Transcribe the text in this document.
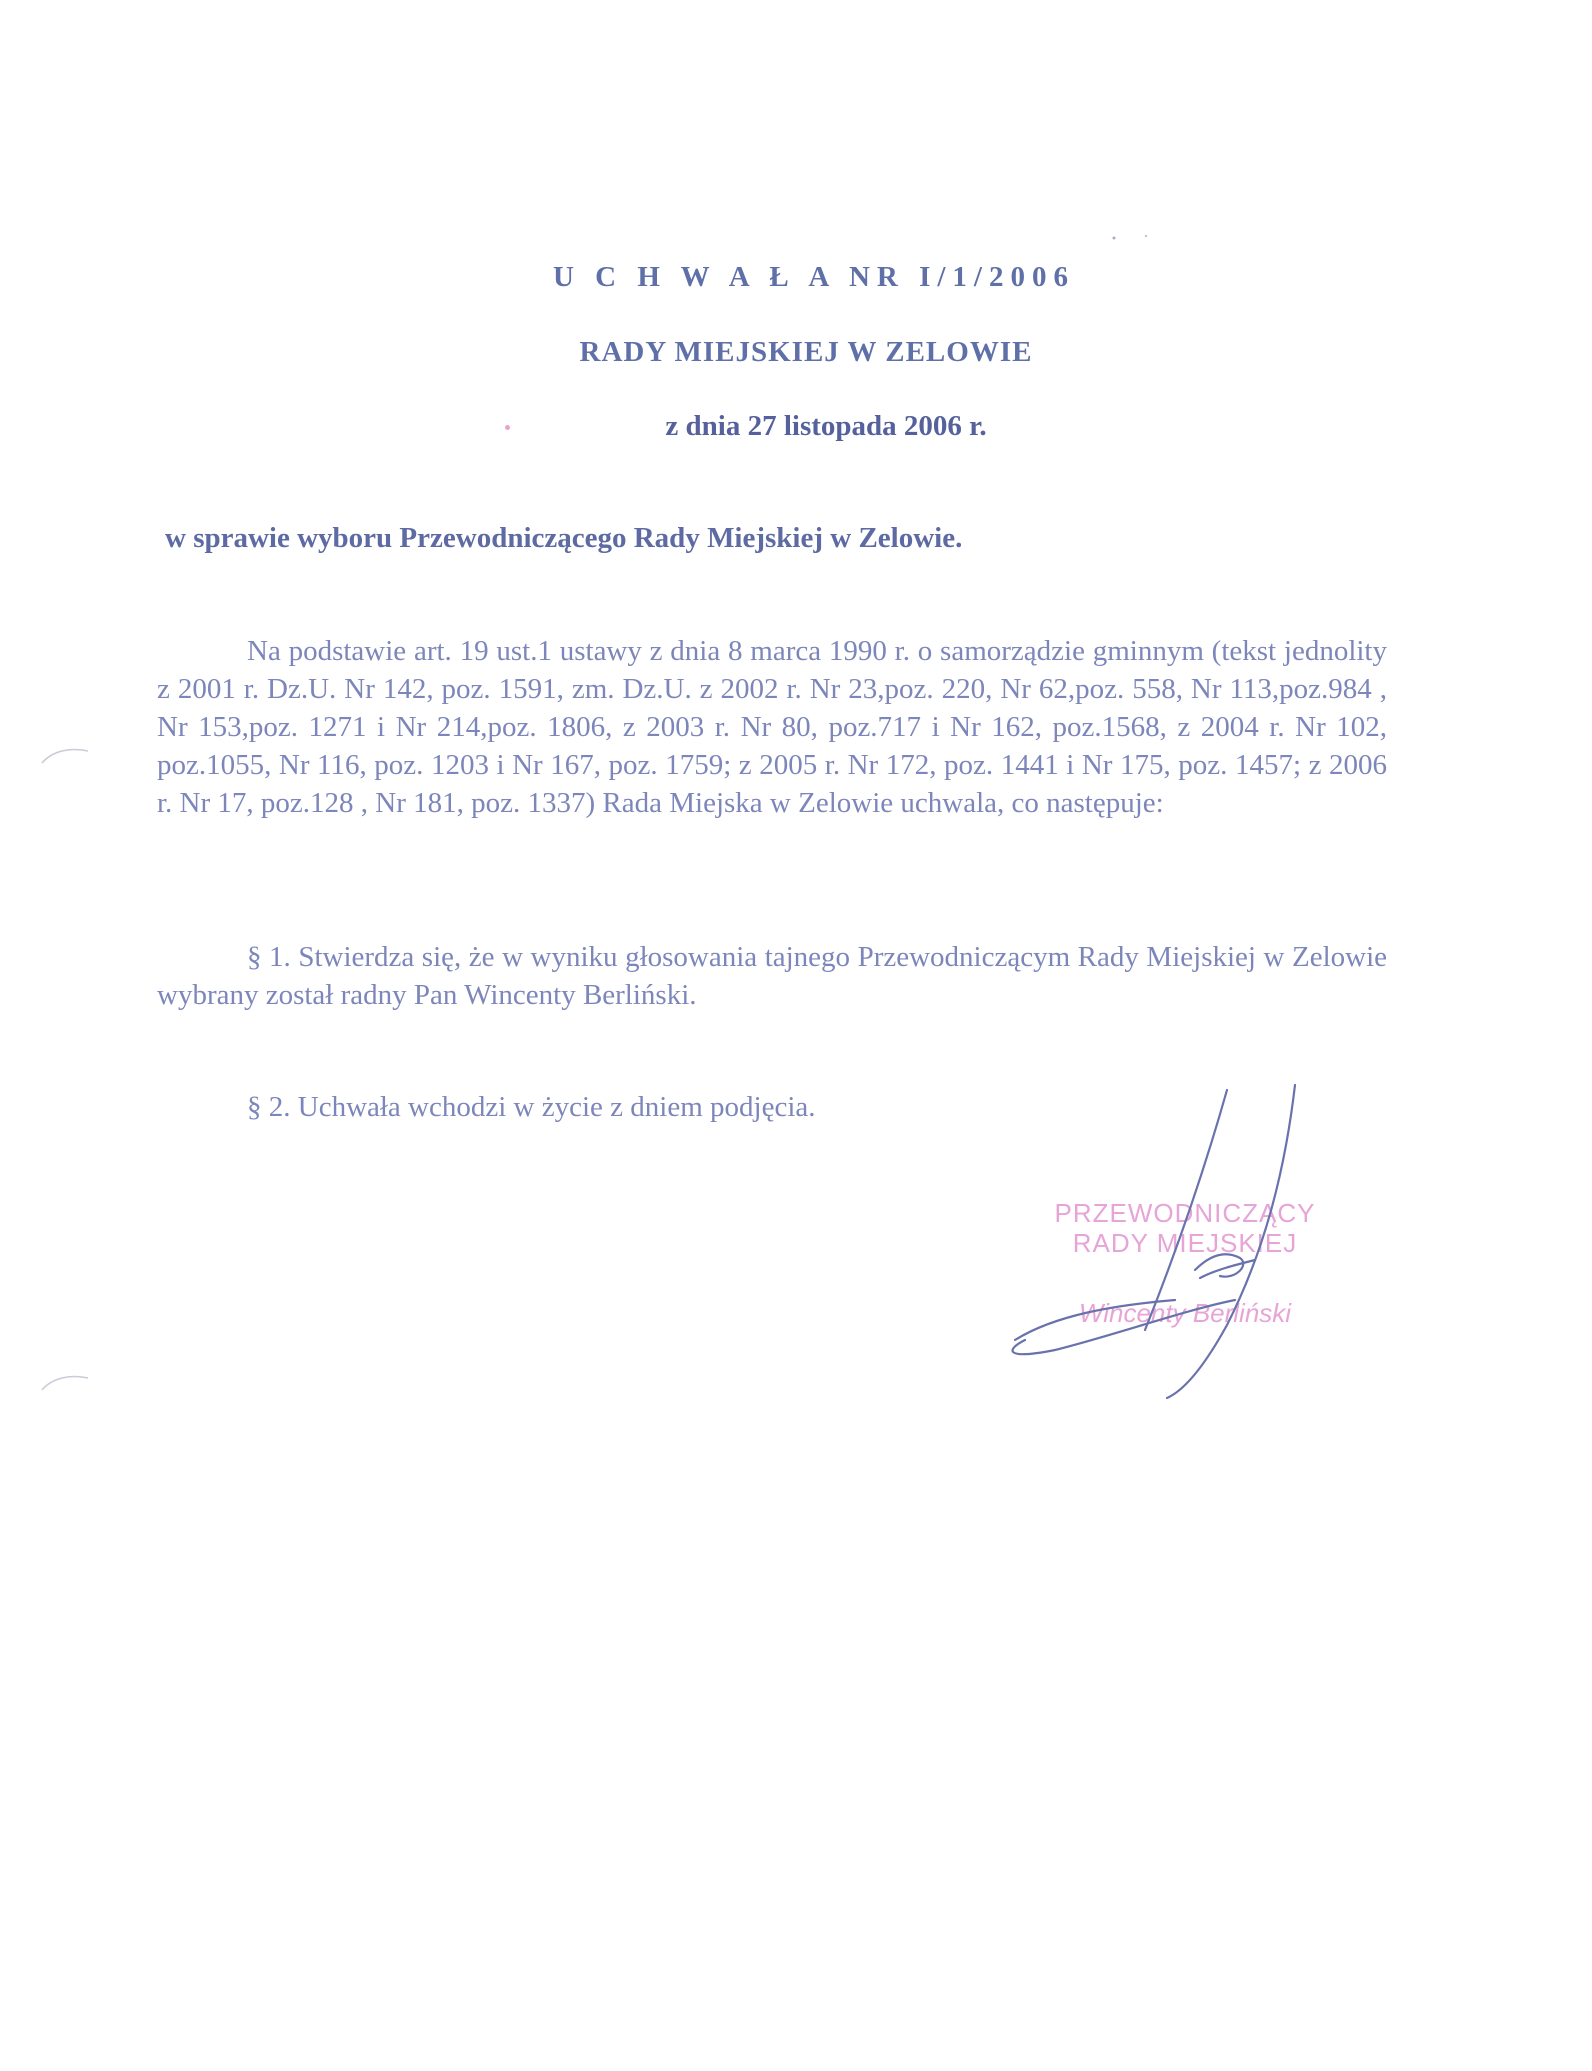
U C H W A Ł A NR I/1/2006
RADY MIEJSKIEJ W ZELOWIE
z dnia 27 listopada 2006 r.
w sprawie wyboru Przewodniczącego Rady Miejskiej w Zelowie.
Na podstawie art. 19 ust.1 ustawy z dnia 8 marca 1990 r. o samorządzie gminnym (tekst jednolity z 2001 r. Dz.U. Nr 142, poz. 1591, zm. Dz.U. z 2002 r. Nr 23,poz. 220, Nr 62,poz. 558, Nr 113,poz.984 , Nr 153,poz. 1271 i Nr 214,poz. 1806, z 2003 r. Nr 80, poz.717 i Nr 162, poz.1568, z 2004 r. Nr 102, poz.1055, Nr 116, poz. 1203 i Nr 167, poz. 1759; z 2005 r. Nr 172, poz. 1441 i Nr 175, poz. 1457; z 2006 r. Nr 17, poz.128 , Nr 181, poz. 1337) Rada Miejska w Zelowie uchwala, co następuje:
§ 1. Stwierdza się, że w wyniku głosowania tajnego Przewodniczącym Rady Miejskiej w Zelowie wybrany został radny Pan Wincenty Berliński.
§ 2. Uchwała wchodzi w życie z dniem podjęcia.
PRZEWODNICZĄCY
RADY MIEJSKIEJ
Wincenty Berliński
